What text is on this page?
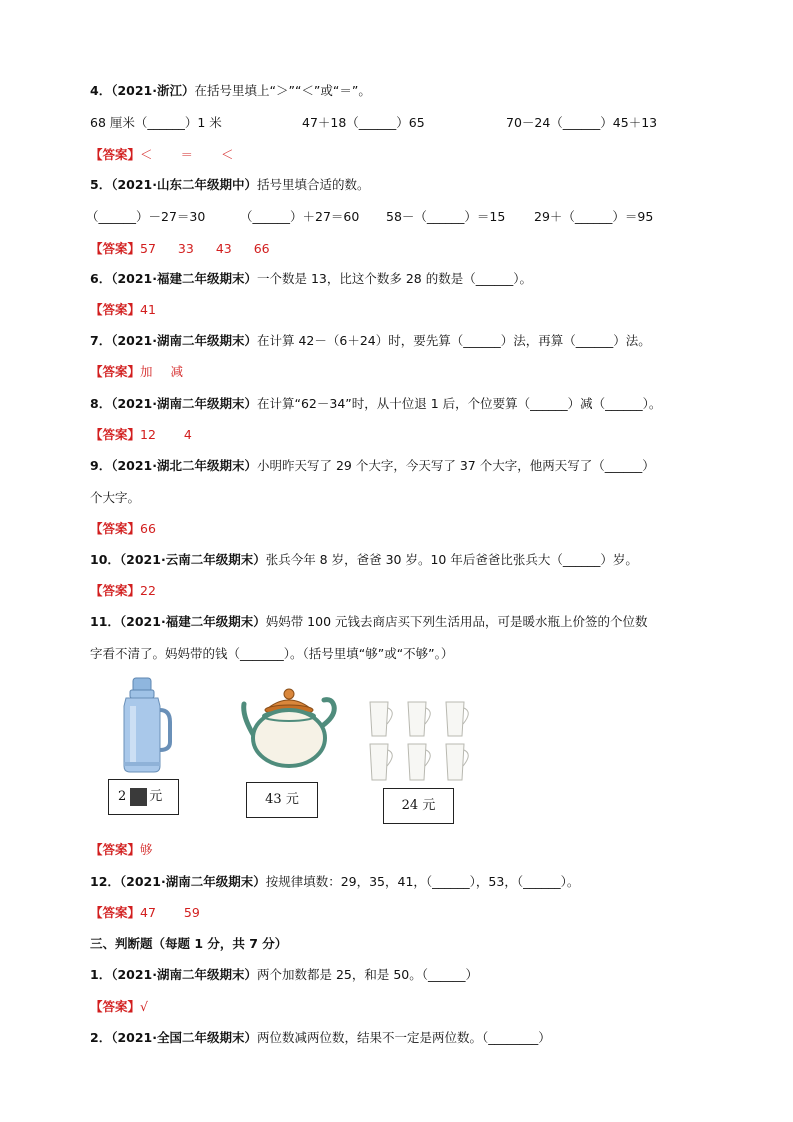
4．（2021·浙江）在括号里填上“＞”“＜”或“＝”。
68 厘米（______）1 米	47＋18（______）65	70－24（______）45＋13
【答案】＜ ＝ ＜
5．（2021·山东二年级期中）括号里填合适的数。
（______）－27＝30	（______）＋27＝60 58－（______）＝15 29＋（______）＝95
【答案】57 33 43 66
6．（2021·福建二年级期末）一个数是 13，比这个数多 28 的数是（______）。
【答案】41
7．（2021·湖南二年级期末）在计算 42－（6＋24）时，要先算（______）法，再算（______）法。
【答案】加 减
8．（2021·湖南二年级期末）在计算“62－34”时，从十位退 1 后，个位要算（______）减（______）。
【答案】12 4
9．（2021·湖北二年级期末）小明昨天写了 29 个大字，今天写了 37 个大字，他两天写了（______）
个大字。
【答案】66
10．（2021·云南二年级期末）张兵今年 8 岁，爸爸 30 岁。10 年后爸爸比张兵大（______）岁。
【答案】22
11．（2021·福建二年级期末）妈妈带 100 元钱去商店买下列生活用品，可是暖水瓶上价签的个位数
字看不清了。妈妈带的钱（_______）。（括号里填“够”或“不够”。）
2 元	43 元	24 元
【答案】够
12．（2021·湖南二年级期末）按规律填数：29，35，41，（______），53，（______）。
【答案】47 59
三、判断题（每题 1 分，共 7 分）
1．（2021·湖南二年级期末）两个加数都是 25，和是 50。（______）
【答案】√
2．（2021·全国二年级期末）两位数减两位数，结果不一定是两位数。（________）
